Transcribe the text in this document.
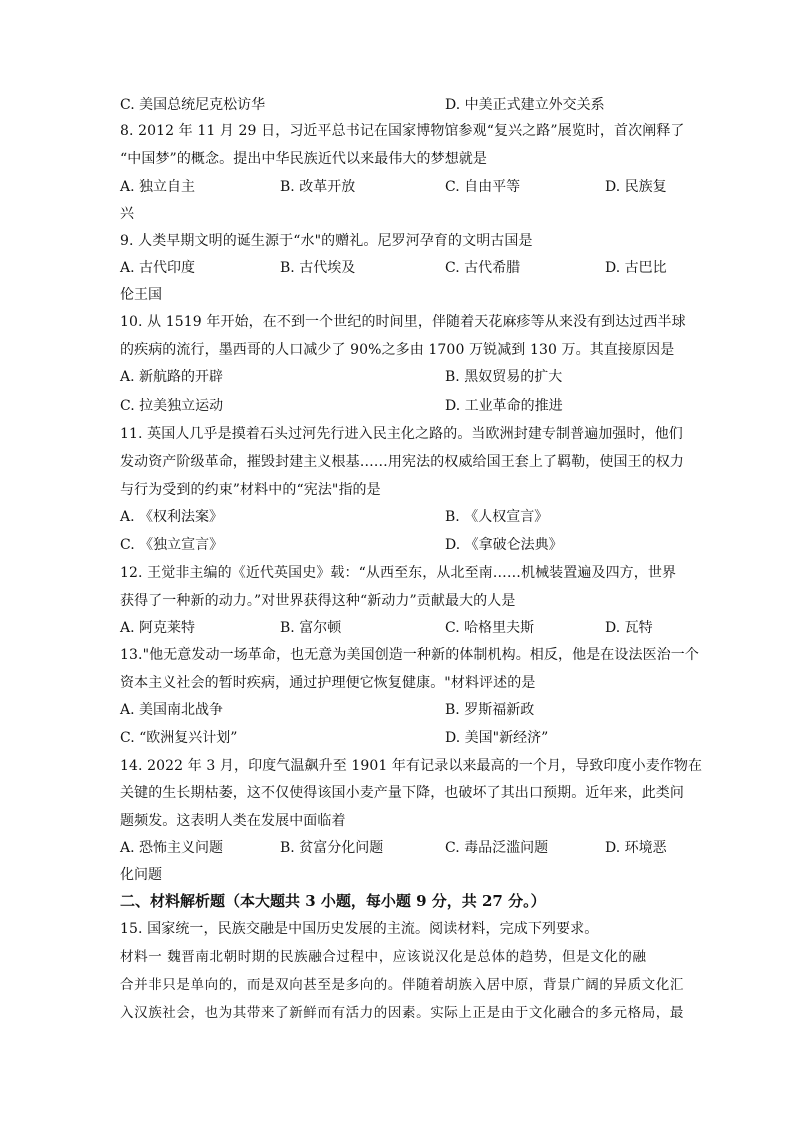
C. 美国总统尼克松访华	D. 中美正式建立外交关系
8. 2012 年 11 月 29 日，习近平总书记在国家博物馆参观“复兴之路”展览时，首次阐释了
“中国梦”的概念。提出中华民族近代以来最伟大的梦想就是
A. 独立自主	B. 改革开放	C. 自由平等	D. 民族复
兴
9. 人类早期文明的诞生源于“水"的赠礼。尼罗河孕育的文明古国是
A. 古代印度	B. 古代埃及	C. 古代希腊	D. 古巴比
伦王国
10. 从 1519 年开始，在不到一个世纪的时间里，伴随着天花麻疹等从来没有到达过西半球
的疾病的流行，墨西哥的人口减少了 90%之多由 1700 万锐减到 130 万。其直接原因是
A. 新航路的开辟	B. 黑奴贸易的扩大
C. 拉美独立运动	D. 工业革命的推进
11. 英国人几乎是摸着石头过河先行进入民主化之路的。当欧洲封建专制普遍加强时，他们
发动资产阶级革命，摧毁封建主义根基……用宪法的权威给国王套上了羁勒，使国王的权力
与行为受到的约束”材料中的“宪法"指的是
A. 《权利法案》	B. 《人权宣言》
C. 《独立宣言》	D. 《拿破仑法典》
12. 王觉非主编的《近代英国史》载：“从西至东，从北至南……机械装置遍及四方，世界
获得了一种新的动力。”对世界获得这种“新动力”贡献最大的人是
A. 阿克莱特	B. 富尔顿	C. 哈格里夫斯	D. 瓦特
13."他无意发动一场革命，也无意为美国创造一种新的体制机构。相反，他是在设法医治一个
资本主义社会的暂时疾病，通过护理便它恢复健康。"材料评述的是
A. 美国南北战争	B. 罗斯福新政
C. “欧洲复兴计划”	D. 美国"新经济”
14. 2022 年 3 月，印度气温飙升至 1901 年有记录以来最高的一个月，导致印度小麦作物在
关键的生长期枯萎，这不仅使得该国小麦产量下降，也破坏了其出口预期。近年来，此类问
题频发。这表明人类在发展中面临着
A. 恐怖主义问题	B. 贫富分化问题	C. 毒品泛滥问题	D. 环境恶
化问题
二、材料解析题（本大题共 3 小题，每小题 9 分，共 27 分。）
15. 国家统一，民族交融是中国历史发展的主流。阅读材料，完成下列要求。
材料一 魏晋南北朝时期的民族融合过程中，应该说汉化是总体的趋势，但是文化的融
合并非只是单向的，而是双向甚至是多向的。伴随着胡族入居中原，背景广阔的异质文化汇
入汉族社会，也为其带来了新鲜而有活力的因素。实际上正是由于文化融合的多元格局，最
